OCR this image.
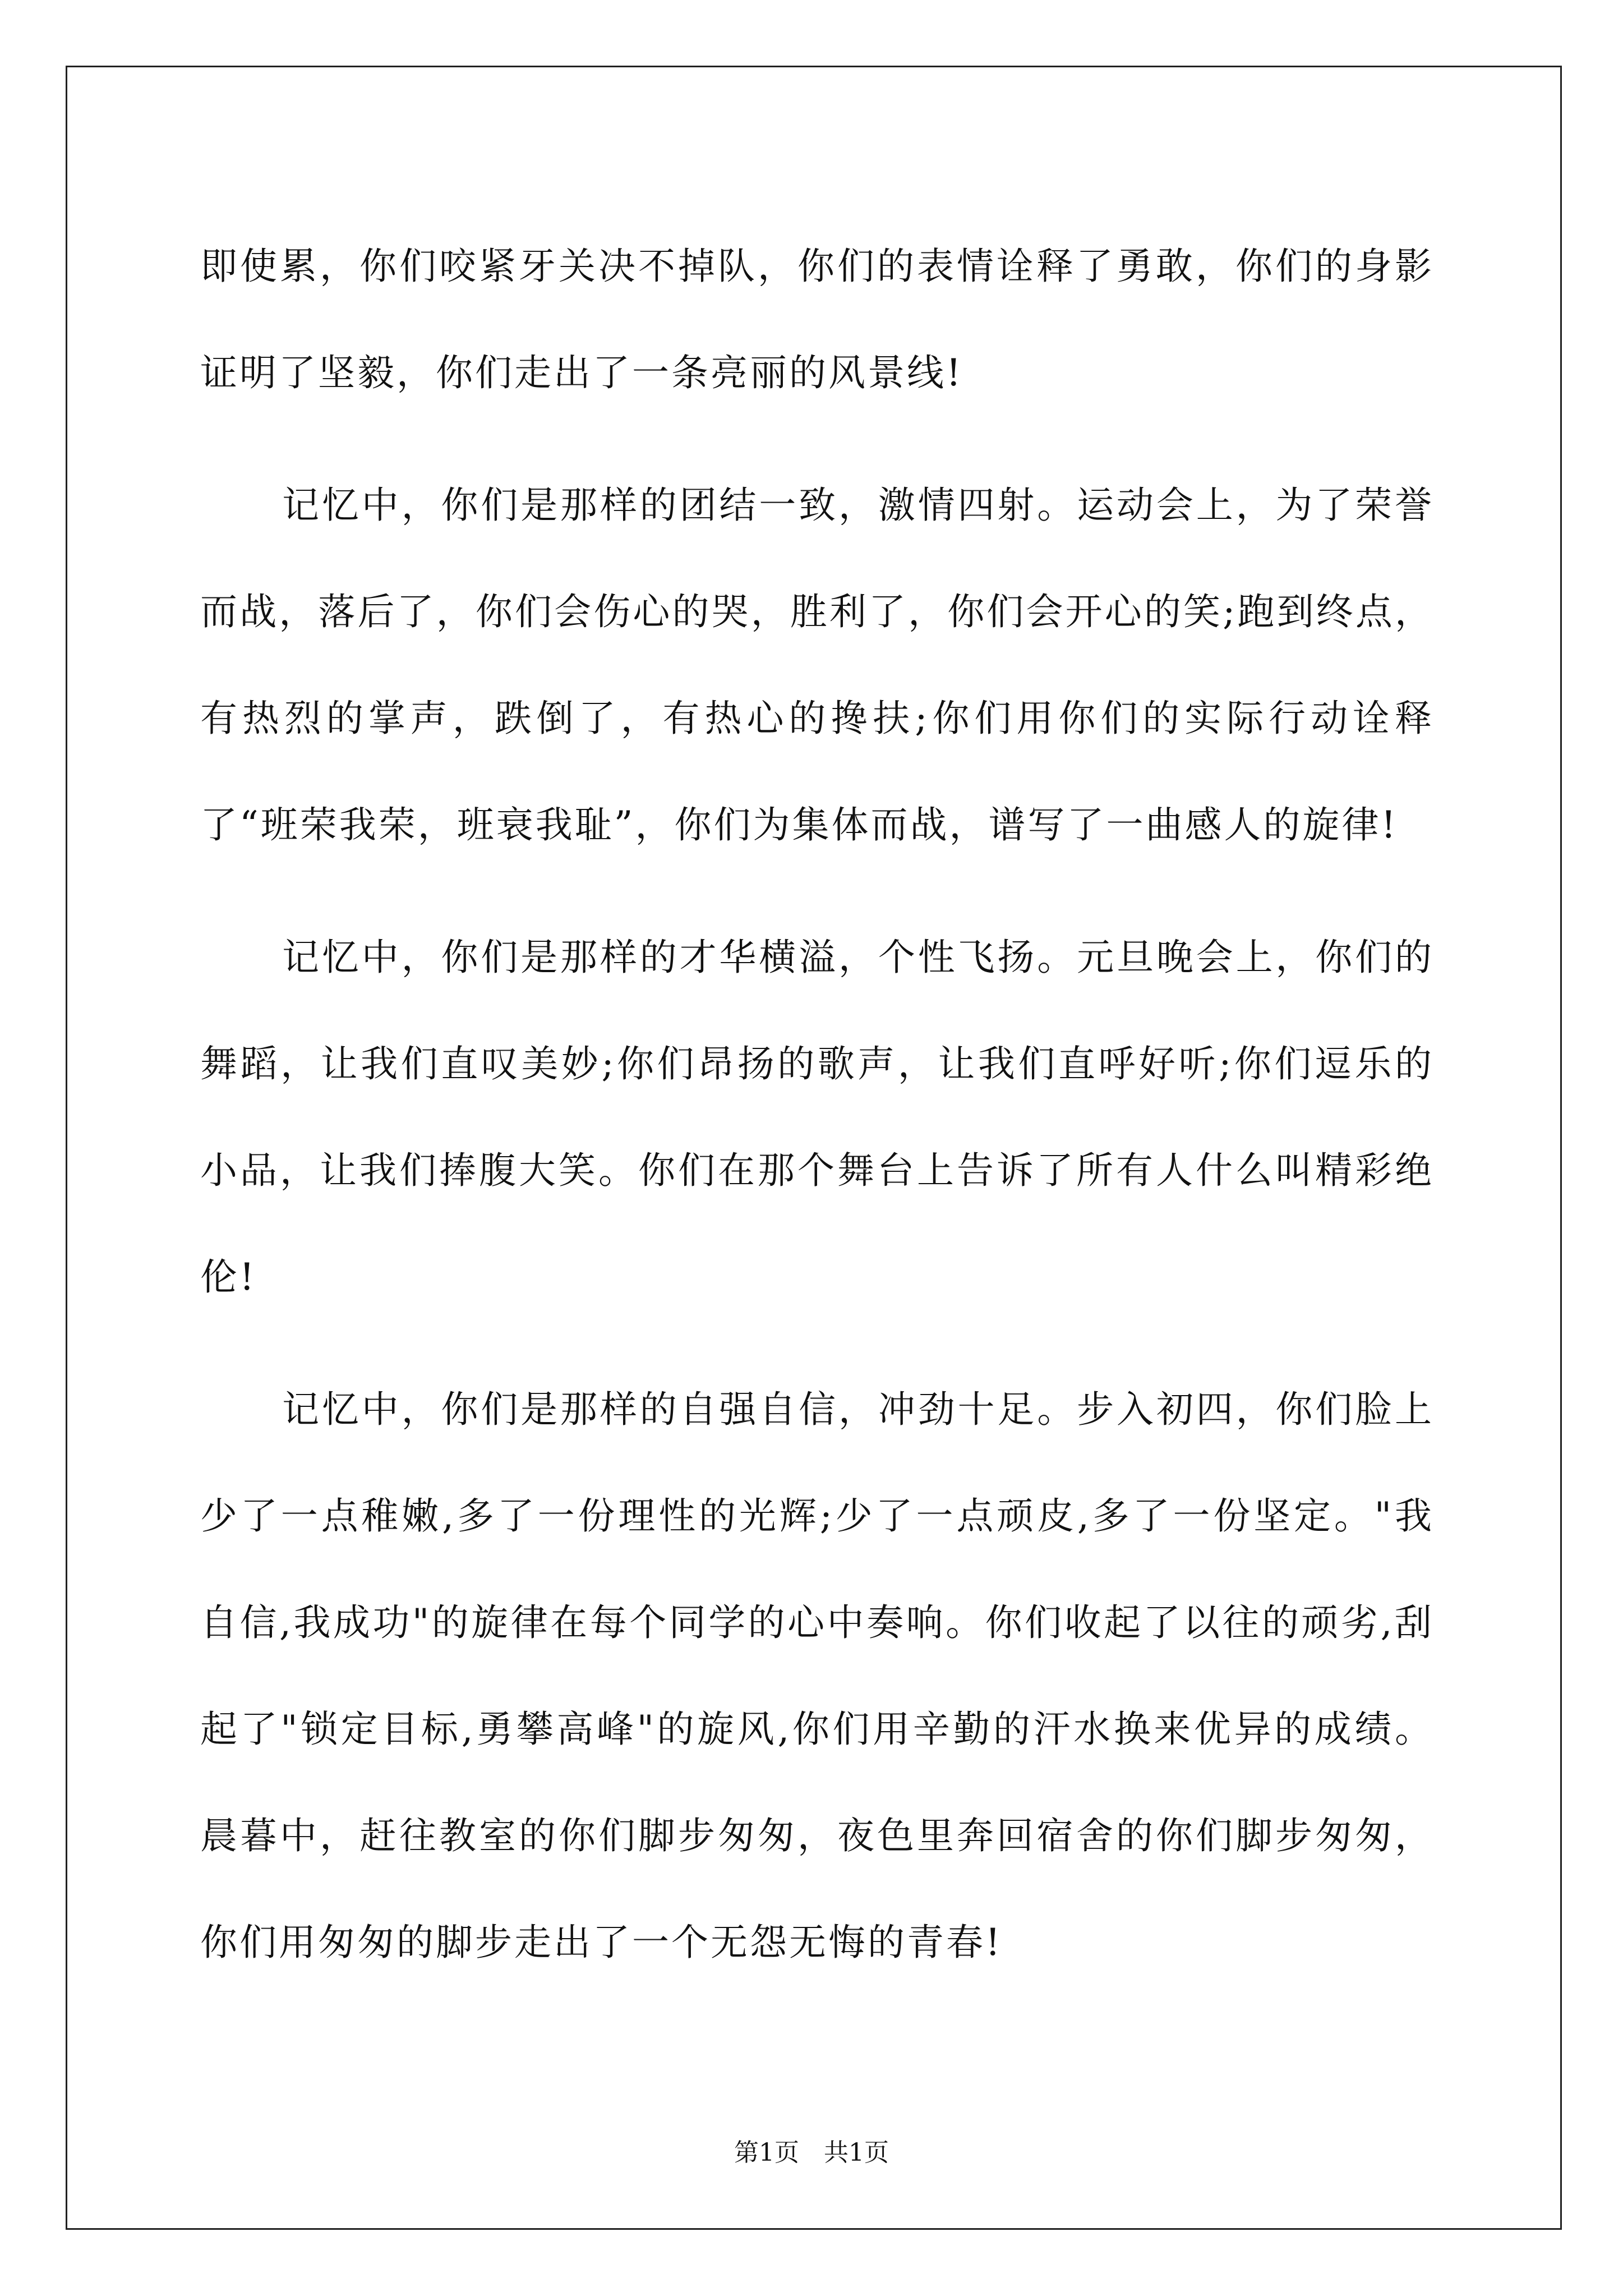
即使累，你们咬紧牙关决不掉队，你们的表情诠释了勇敢，你们的身影证明了坚毅，你们走出了一条亮丽的风景线!

记忆中，你们是那样的团结一致，激情四射。运动会上，为了荣誉而战，落后了，你们会伤心的哭，胜利了，你们会开心的笑;跑到终点，有热烈的掌声，跌倒了，有热心的搀扶;你们用你们的实际行动诠释了“班荣我荣，班衰我耻”，你们为集体而战，谱写了一曲感人的旋律!

记忆中，你们是那样的才华横溢，个性飞扬。元旦晚会上，你们的舞蹈，让我们直叹美妙;你们昂扬的歌声，让我们直呼好听;你们逗乐的小品，让我们捧腹大笑。你们在那个舞台上告诉了所有人什么叫精彩绝伦!

记忆中，你们是那样的自强自信，冲劲十足。步入初四，你们脸上少了一点稚嫩,多了一份理性的光辉;少了一点顽皮,多了一份坚定。"我自信,我成功"的旋律在每个同学的心中奏响。你们收起了以往的顽劣,刮起了"锁定目标,勇攀高峰"的旋风,你们用辛勤的汗水换来优异的成绩。晨暮中，赶往教室的你们脚步匆匆，夜色里奔回宿舍的你们脚步匆匆，你们用匆匆的脚步走出了一个无怨无悔的青春!

第1页 共1页
